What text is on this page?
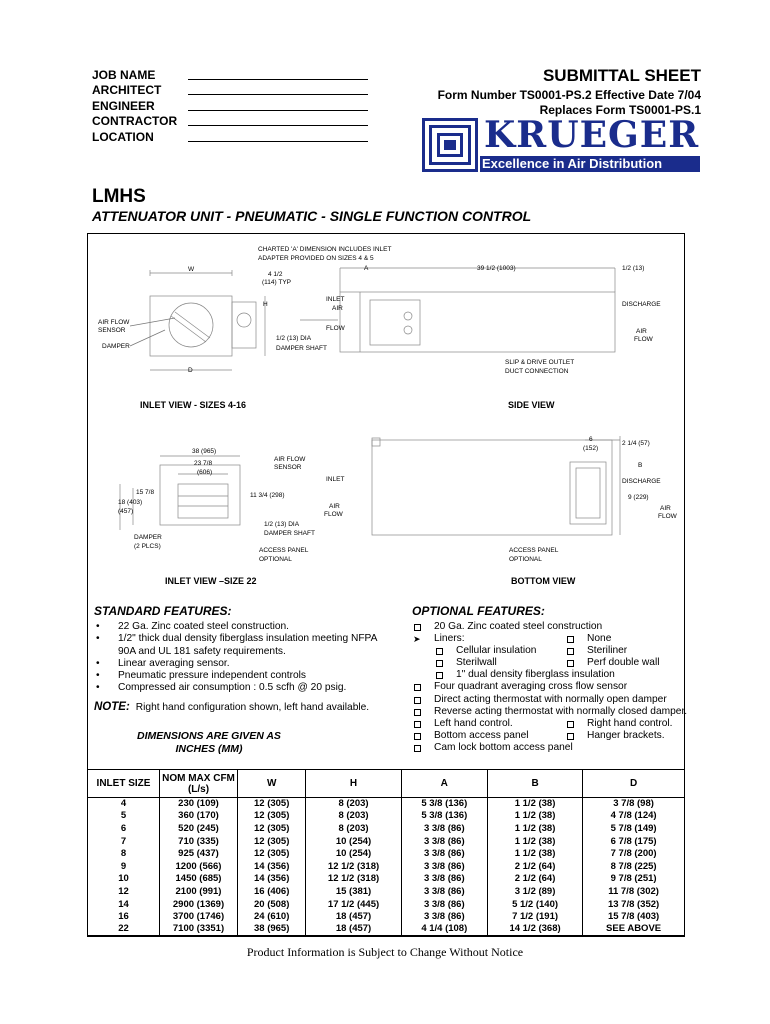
JOB NAME
ARCHITECT
ENGINEER
CONTRACTOR
LOCATION
SUBMITTAL SHEET
Form Number TS0001-PS.2 Effective Date 7/04
Replaces Form TS0001-PS.1
KRUEGER
Excellence in Air Distribution
LMHS
ATTENUATOR UNIT - PNEUMATIC - SINGLE FUNCTION CONTROL
W
4 1/2
(114) TYP
H
AIR FLOW
SENSOR
DAMPER
1/2 (13) DIA
DAMPER SHAFT
D
INLET VIEW - SIZES 4-16
CHARTED 'A' DIMENSION INCLUDES INLET
ADAPTER PROVIDED ON SIZES 4 & 5
A	39 1/2 (1003)	1/2 (13)
INLET
AIR
FLOW
DISCHARGE
AIR
FLOW
SLIP & DRIVE OUTLET
DUCT CONNECTION
SIDE VIEW
38 (965)
23 7/8
(606)
AIR FLOW
SENSOR
15 7/8
18 (403)
(457)
11 3/4 (298)
1/2 (13) DIA
DAMPER SHAFT
DAMPER
(2 PLCS)
ACCESS PANEL
OPTIONAL
INLET VIEW –SIZE 22
6
(152)
2 1/4 (57)
B
INLET	DISCHARGE
9 (229)
AIR
FLOW
AIR
FLOW
ACCESS PANEL
OPTIONAL
BOTTOM VIEW
STANDARD FEATURES:
• 22 Ga. Zinc coated steel construction.
• 1/2" thick dual density fiberglass insulation meeting NFPA 90A and UL 181 safety requirements.
• Linear averaging sensor.
• Pneumatic pressure independent controls
• Compressed air consumption : 0.5 scfh @ 20 psig.
NOTE: Right hand configuration shown, left hand available.
DIMENSIONS ARE GIVEN AS
INCHES (MM)
OPTIONAL FEATURES:
20 Ga. Zinc coated steel construction
➤ Liners:	None
Cellular insulation	Steriliner
Sterilwall	Perf double wall
1" dual density fiberglass insulation
Four quadrant averaging cross flow sensor
Direct acting thermostat with normally open damper
Reverse acting thermostat with normally closed damper.
Left hand control.	Right hand control.
Bottom access panel	Hanger brackets.
Cam lock bottom access panel
INLET SIZE	NOM MAX CFM (L/s)	W	H	A	B	D
4	230 (109)	12 (305)	8 (203)	5 3/8 (136)	1 1/2 (38)	3 7/8 (98)
5	360 (170)	12 (305)	8 (203)	5 3/8 (136)	1 1/2 (38)	4 7/8 (124)
6	520 (245)	12 (305)	8 (203)	3 3/8 (86)	1 1/2 (38)	5 7/8 (149)
7	710 (335)	12 (305)	10 (254)	3 3/8 (86)	1 1/2 (38)	6 7/8 (175)
8	925 (437)	12 (305)	10 (254)	3 3/8 (86)	1 1/2 (38)	7 7/8 (200)
9	1200 (566)	14 (356)	12 1/2 (318)	3 3/8 (86)	2 1/2 (64)	8 7/8 (225)
10	1450 (685)	14 (356)	12 1/2 (318)	3 3/8 (86)	2 1/2 (64)	9 7/8 (251)
12	2100 (991)	16 (406)	15 (381)	3 3/8 (86)	3 1/2 (89)	11 7/8 (302)
14	2900 (1369)	20 (508)	17 1/2 (445)	3 3/8 (86)	5 1/2 (140)	13 7/8 (352)
16	3700 (1746)	24 (610)	18 (457)	3 3/8 (86)	7 1/2 (191)	15 7/8 (403)
22	7100 (3351)	38 (965)	18 (457)	4 1/4 (108)	14 1/2 (368)	SEE ABOVE
Product Information is Subject to Change Without Notice
